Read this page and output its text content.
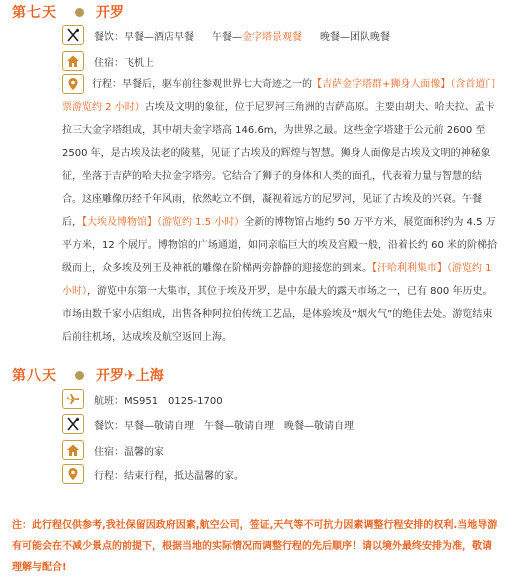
第七天	开罗
餐饮： 早餐—酒店早餐 午餐— 金字塔景观餐 晚餐—团队晚餐
住宿：飞机上
行程：早餐后，驱车前往参观世界七大奇迹之一的【吉萨金字塔群+狮身人面像】（含首道门票游览约 2 小时）古埃及文明的象征，位于尼罗河三角洲的吉萨高原。主要由胡夫、哈夫拉、孟卡拉三大金字塔组成，其中胡夫金字塔高 146.6m，为世界之最。这些金字塔建于公元前 2600 至 2500 年，是古埃及法老的陵墓，见证了古埃及的辉煌与智慧。狮身人面像是古埃及文明的神秘象征，坐落于吉萨的哈夫拉金字塔旁。它结合了狮子的身体和人类的面孔，代表着力量与智慧的结合。这座雕像历经千年风雨，依然屹立不倒，凝视着远方的尼罗河，见证了古埃及的兴衰。午餐后，【大埃及博物馆】（游览约 1.5 小时）全新的博物馆占地约 50 万平方米，展览面积约为 4.5 万平方米，12 个展厅。博物馆的广场通道，如同亲临巨大的埃及宫殿一般，沿着长约 60 米的阶梯拾级而上，众多埃及列王及神祇的雕像在阶梯两旁静静的迎接您的到来。【汗哈利利集市】（游览约 1 小时），游览中东第一大集市，其位于埃及开罗，是中东最大的露天市场之一，已有 800 年历史。市场由数千家小店组成，出售各种阿拉伯传统工艺品，是体验埃及“烟火气”的绝佳去处。游览结束后前往机场，达成埃及航空返回上海。
第八天	开罗✈上海
航班：MS951　0125-1700
餐饮： 早餐—敬请自理 午餐—敬请自理 晚餐—敬请自理
住宿：温馨的家
行程：结束行程，抵达温馨的家。
注：此行程仅供参考,我社保留因政府因素,航空公司，签证,天气等不可抗力因素调整行程安排的权利.当地导游有可能会在不减少景点的前提下，根据当地的实际情况而调整行程的先后顺序！请以境外最终安排为准，敬请理解与配合!
